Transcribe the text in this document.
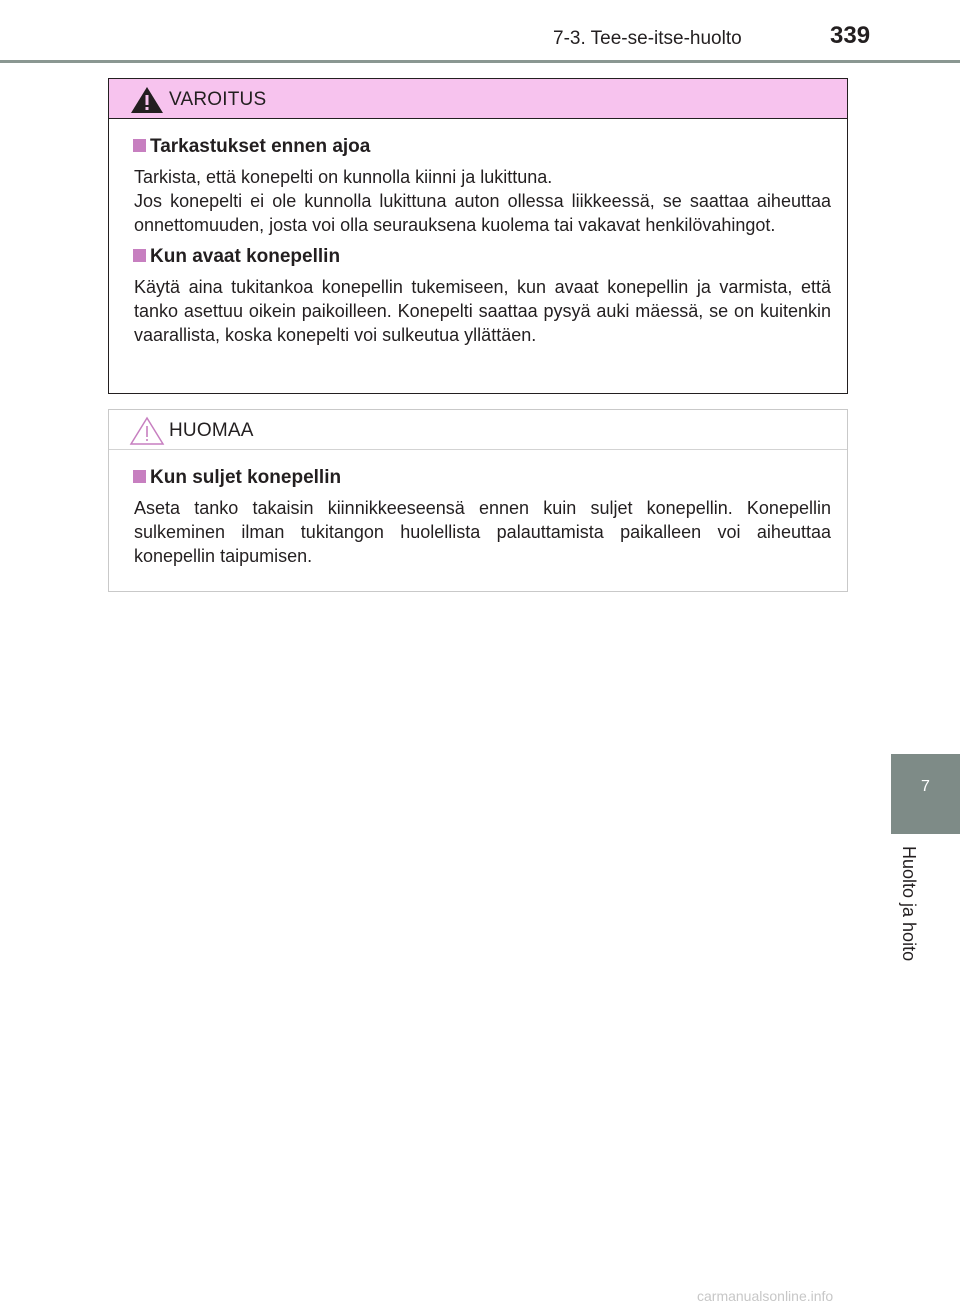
7-3. Tee-se-itse-huolto	339
7
Huolto ja hoito
VAROITUS
Tarkastukset ennen ajoa
Tarkista, että konepelti on kunnolla kiinni ja lukittuna.
Jos konepelti ei ole kunnolla lukittuna auton ollessa liikkeessä, se saattaa aiheuttaa onnettomuuden, josta voi olla seurauksena kuolema tai vakavat henkilövahingot.
Kun avaat konepellin
Käytä aina tukitankoa konepellin tukemiseen, kun avaat konepellin ja varmista, että tanko asettuu oikein paikoilleen. Konepelti saattaa pysyä auki mäessä, se on kuitenkin vaarallista, koska konepelti voi sulkeutua yllättäen.
HUOMAA
Kun suljet konepellin
Aseta tanko takaisin kiinnikkeeseensä ennen kuin suljet konepellin. Konepellin sulkeminen ilman tukitangon huolellista palauttamista paikalleen voi aiheuttaa konepellin taipumisen.
carmanualsonline.info
